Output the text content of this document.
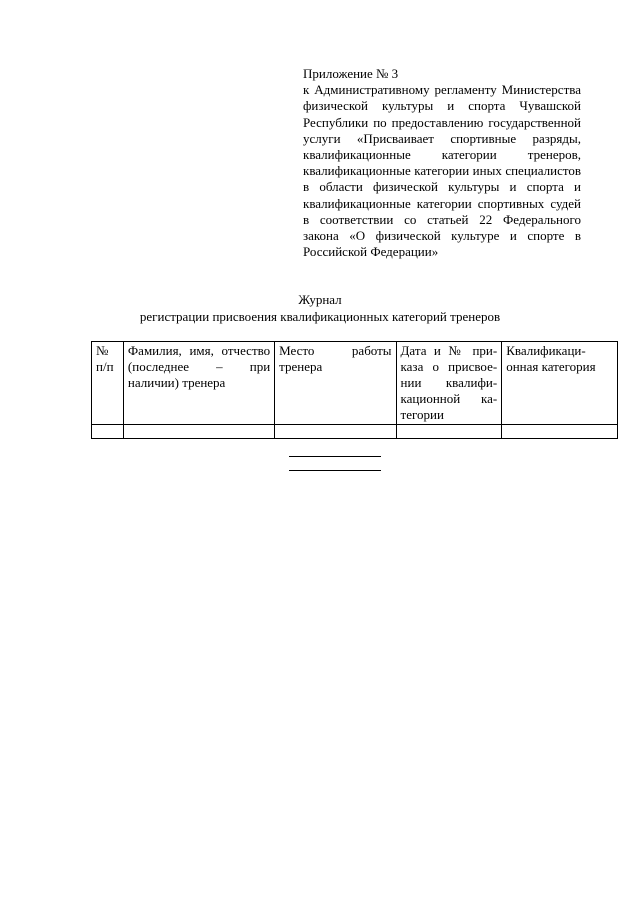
Приложение № 3
к Административному регламенту Министерства физической культуры и спорта Чувашской Республики по предоставлению государственной услуги «Присваивает спортивные разряды, квалификационные категории тренеров, квалификационные категории иных специалистов в области физической культуры и спорта и квалификационные категории спортивных судей в соответствии со статьей 22 Федерального закона «О физической культуре и спорте в Российской Федерации»
Журнал
регистрации присвоения квалификационных категорий тренеров
№ п/п	Фамилия, имя, отчество (последнее – при наличии) тренера	Место работы тренера	Дата и № приказа о присвоении квалификационной категории	Квалификационная категория
